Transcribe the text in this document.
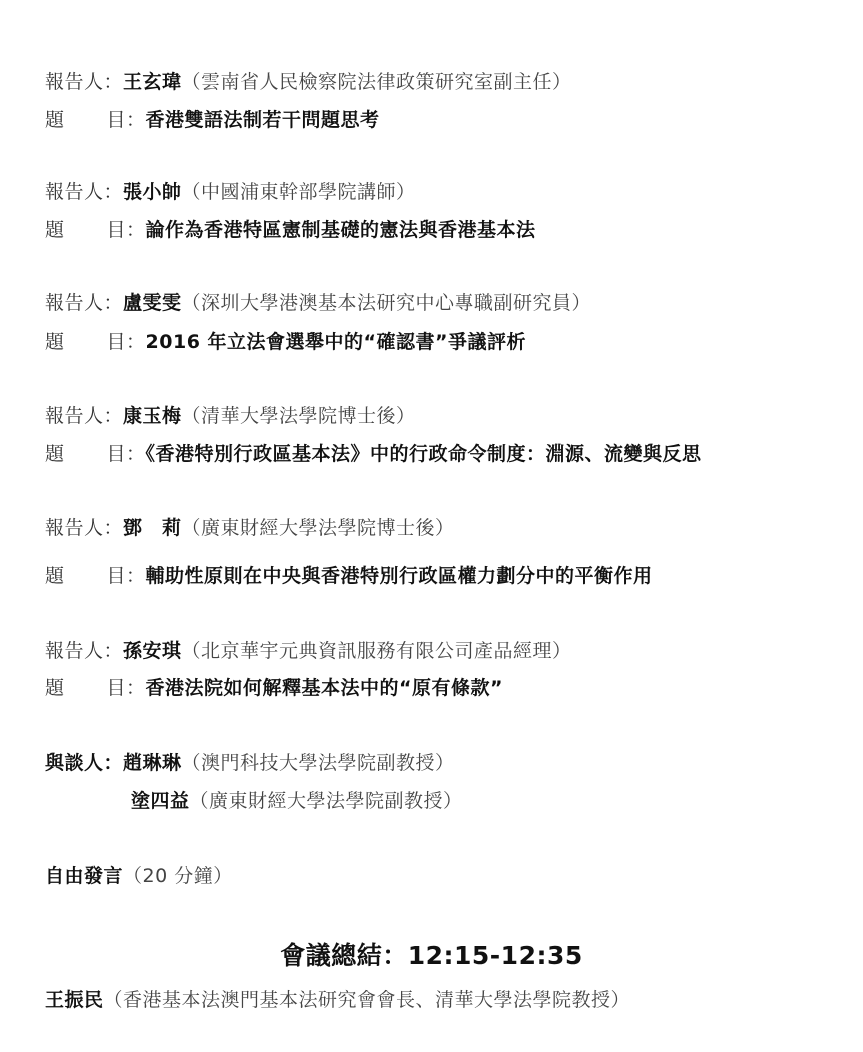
報告人：王玄瑋（雲南省人民檢察院法律政策研究室副主任）
題 目：香港雙語法制若干問題思考
報告人：張小帥（中國浦東幹部學院講師）
題 目：論作為香港特區憲制基礎的憲法與香港基本法
報告人：盧雯雯（深圳大學港澳基本法研究中心專職副研究員）
題 目：2016 年立法會選舉中的“確認書”爭議評析
報告人：康玉梅（清華大學法學院博士後）
題 目：《香港特別行政區基本法》中的行政命令制度：淵源、流變與反思
報告人：鄧　莉（廣東財經大學法學院博士後）
題 目：輔助性原則在中央與香港特別行政區權力劃分中的平衡作用
報告人：孫安琪（北京華宇元典資訊服務有限公司產品經理）
題 目：香港法院如何解釋基本法中的“原有條款”
與談人：趙琳琳（澳門科技大學法學院副教授）
塗四益（廣東財經大學法學院副教授）
自由發言（20 分鐘）
會議總結：12:15-12:35
王振民（香港基本法澳門基本法研究會會長、清華大學法學院教授）
